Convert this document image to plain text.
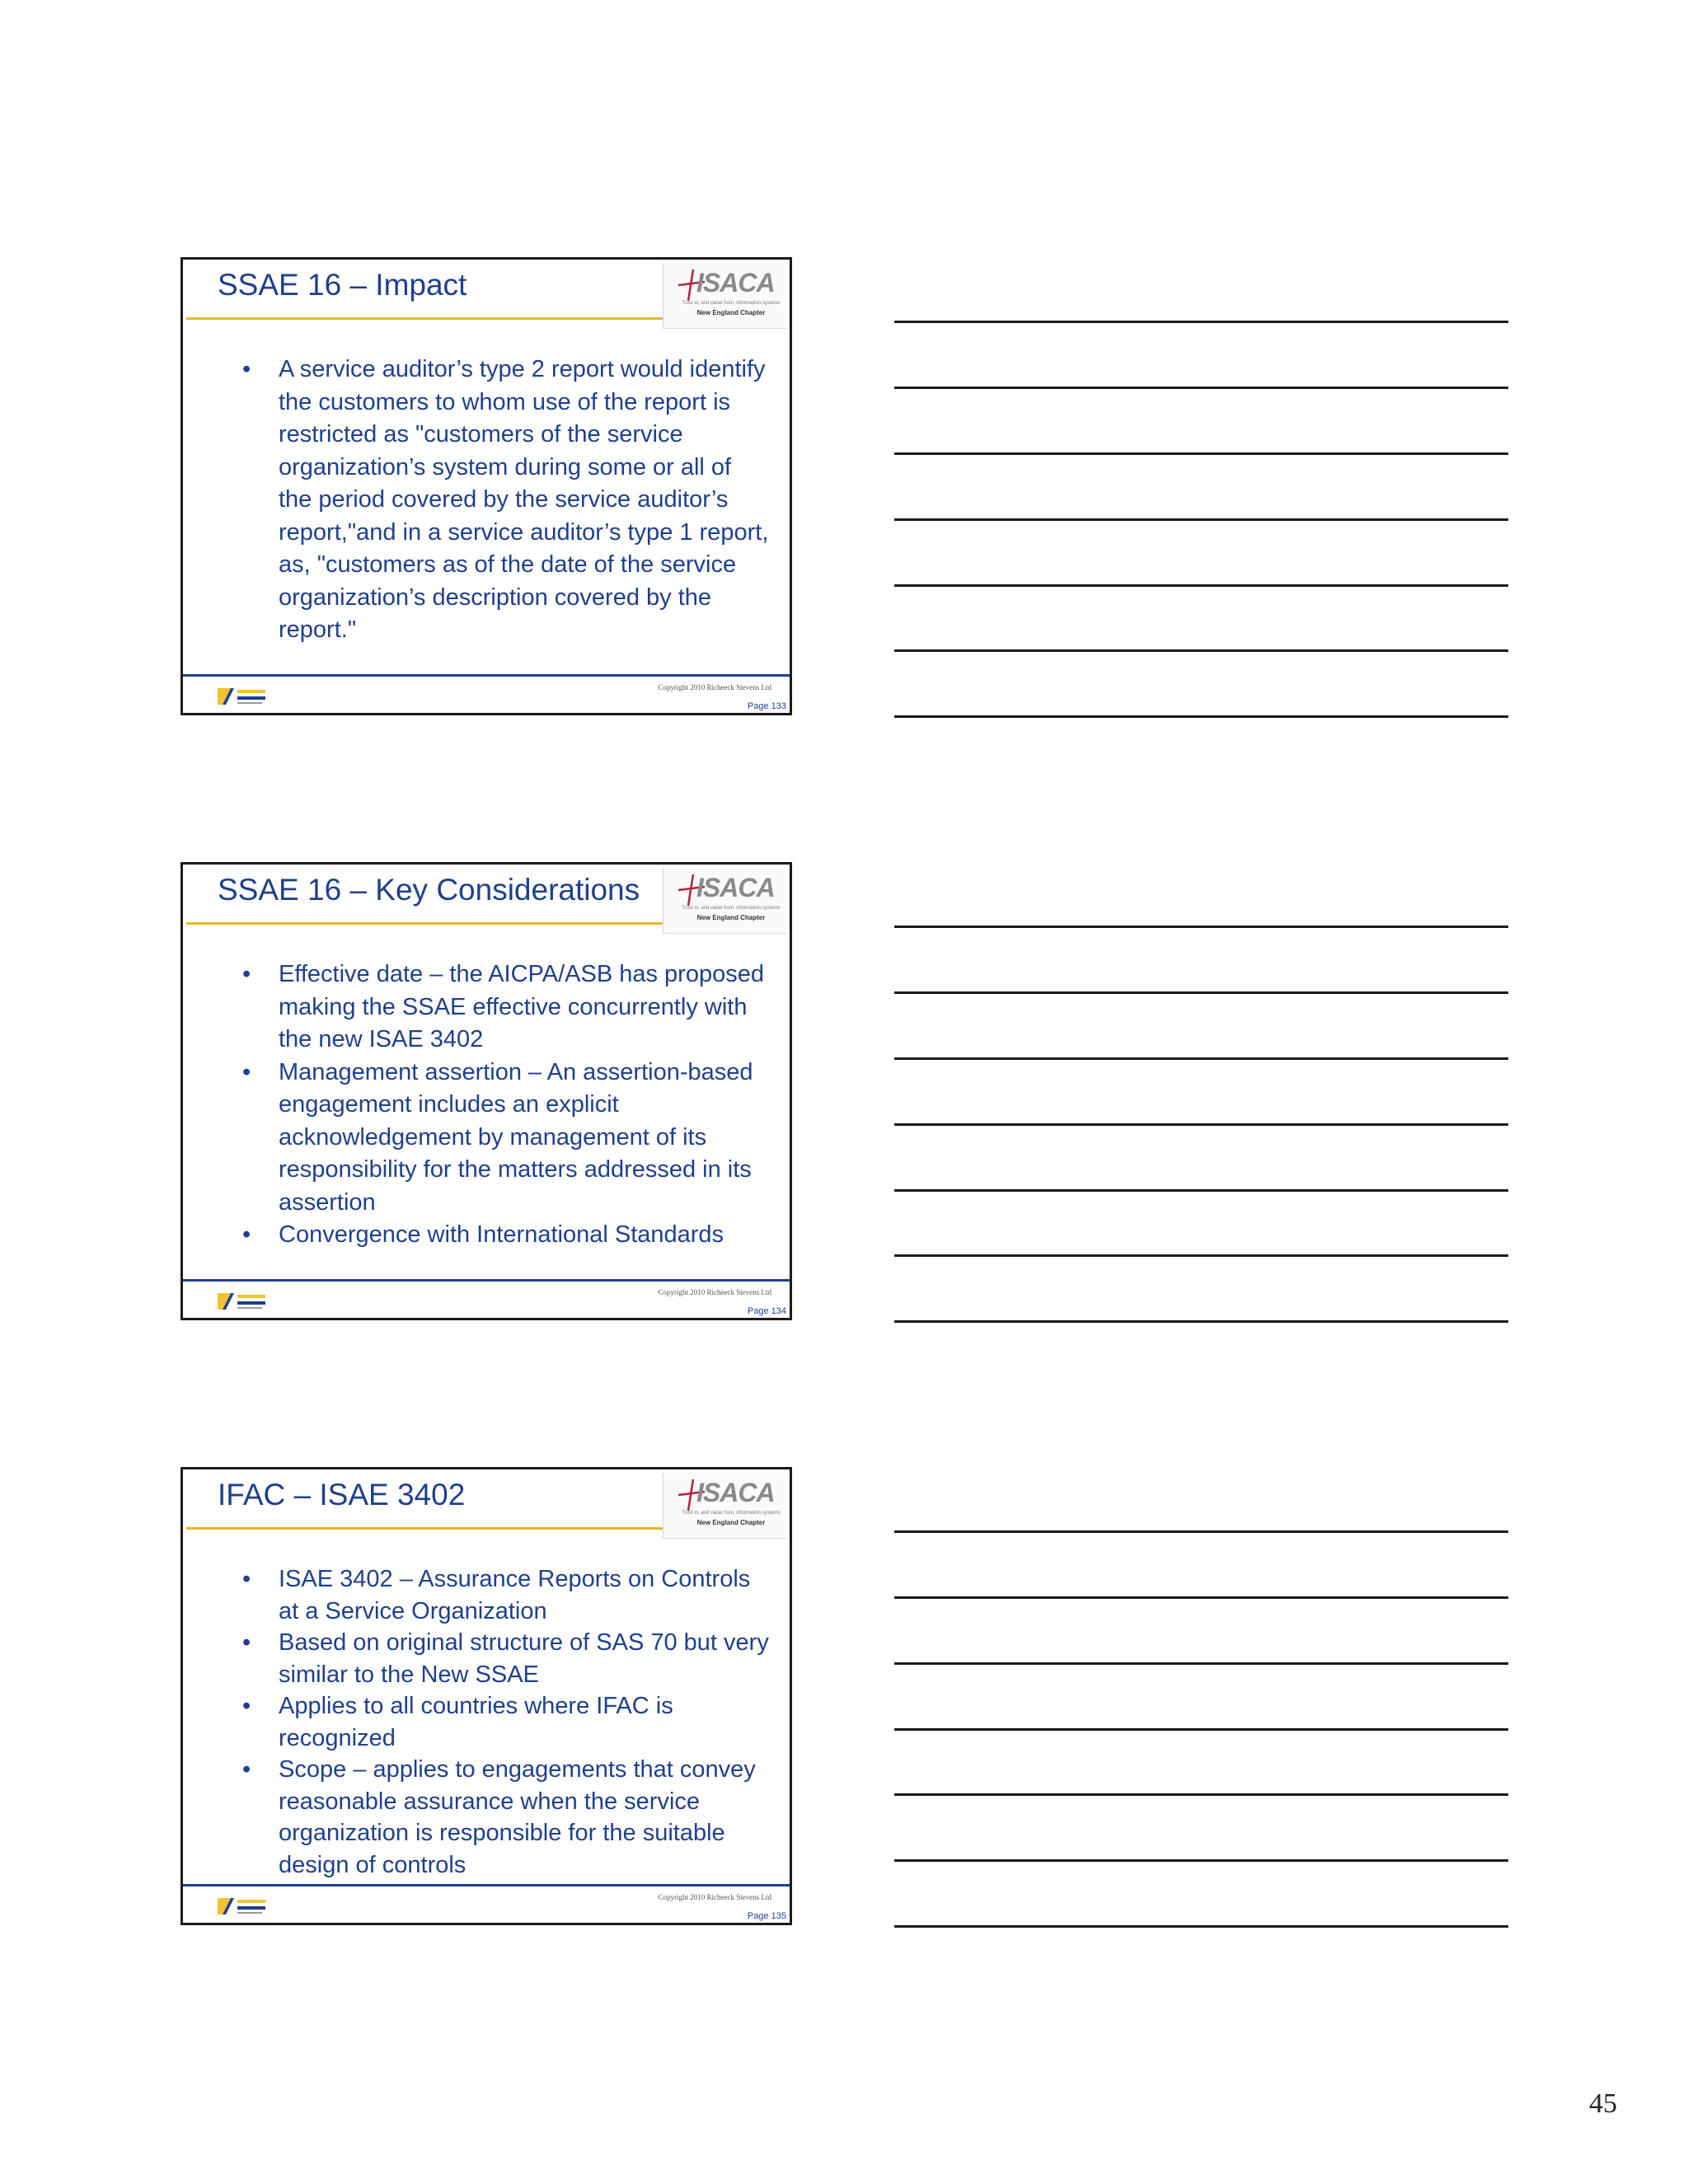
SSAE 16 – Impact	ISACA
Trust in, and value from, information systems
New England Chapter
• A service auditor’s type 2 report would identify the customers to whom use of the report is restricted as "customers of the service organization’s system during some or all of the period covered by the service auditor’s report,"and in a service auditor’s type 1 report, as, "customers as of the date of the service organization’s description covered by the report."
Copyright 2010 Richeeck Stevens Ltd
Page 133
SSAE 16 – Key Considerations ISACA
Trust in, and value from, information systems
New England Chapter
• Effective date – the AICPA/ASB has proposed making the SSAE effective concurrently with the new ISAE 3402
• Management assertion – An assertion-based engagement includes an explicit acknowledgement by management of its responsibility for the matters addressed in its assertion
• Convergence with International Standards
Copyright 2010 Richeeck Stevens Ltd
Page 134
IFAC – ISAE 3402	ISACA
Trust in, and value from, information systems
New England Chapter
• ISAE 3402 – Assurance Reports on Controls at a Service Organization
• Based on original structure of SAS 70 but very similar to the New SSAE
• Applies to all countries where IFAC is recognized
• Scope – applies to engagements that convey reasonable assurance when the service organization is responsible for the suitable design of controls
Copyright 2010 Richeeck Stevens Ltd
Page 135
45
